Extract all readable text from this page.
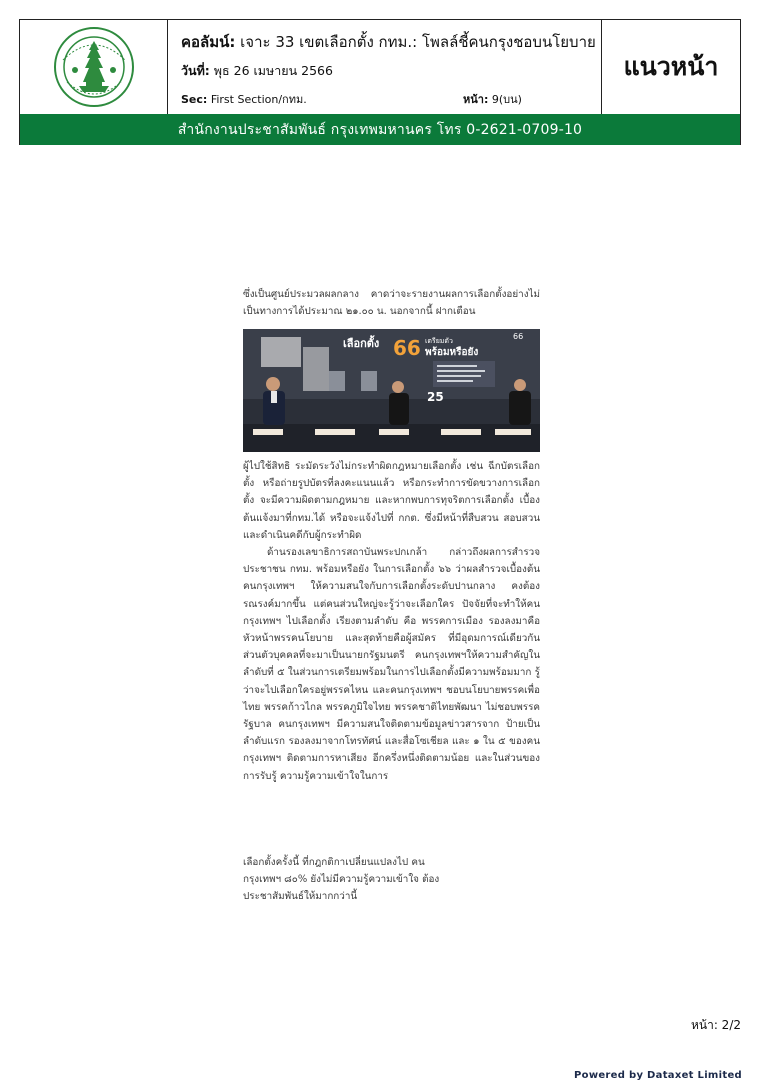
คอลัมน์: เจาะ 33 เขตเลือกตั้ง กทม.: โพลล์ชี้คนกรุงชอบนโยบาย
วันที่: พุธ 26 เมษายน 2566
Sec: First Section/กทม.	หน้า: 9(บน)
แนวหน้า
สำนักงานประชาสัมพันธ์ กรุงเทพมหานคร โทร 0-2621-0709-10

ซึ่งเป็นศูนย์ประมวลผลกลาง คาดว่าจะรายงานผลการเลือกตั้งอย่างไม่เป็นทางการได้ประมาณ ๒๑.๐๐ น. นอกจากนี้ ฝากเตือน

เลือกตั้ง 66 เตรียมตัว
พร้อมหรือยัง
66
25

ผู้ไปใช้สิทธิ ระมัดระวังไม่กระทำผิดกฎหมายเลือกตั้ง เช่น ฉีกบัตรเลือกตั้ง หรือถ่ายรูปบัตรที่ลงคะแนนแล้ว หรือกระทำการขัดขวางการเลือกตั้ง จะมีความผิดตามกฎหมาย และหากพบการทุจริตการเลือกตั้ง เบื้องต้นแจ้งมาที่กทม.ได้ หรือจะแจ้งไปที่ กกต. ซึ่งมีหน้าที่สืบสวน สอบสวน และดำเนินคดีกับผู้กระทำผิด

ด้านรองเลขาธิการสถาบันพระปกเกล้า กล่าวถึงผลการสำรวจประชาชน กทม. พร้อมหรือยัง ในการเลือกตั้ง ๖๖ ว่าผลสำรวจเบื้องต้น คนกรุงเทพฯ ให้ความสนใจกับการเลือกตั้งระดับปานกลาง คงต้องรณรงค์มากขึ้น แต่คนส่วนใหญ่จะรู้ว่าจะเลือกใคร ปัจจัยที่จะทำให้คนกรุงเทพฯ ไปเลือกตั้ง เรียงตามลำดับ คือ พรรคการเมือง รองลงมาคือหัวหน้าพรรคนโยบาย และสุดท้ายคือผู้สมัคร ที่มีอุดมการณ์เดียวกัน ส่วนตัวบุคคลที่จะมาเป็นนายกรัฐมนตรี คนกรุงเทพฯให้ความสำคัญในลำดับที่ ๕ ในส่วนการเตรียมพร้อมในการไปเลือกตั้งมีความพร้อมมาก รู้ว่าจะไปเลือกใครอยู่พรรคไหน และคนกรุงเทพฯ ชอบนโยบายพรรคเพื่อไทย พรรคก้าวไกล พรรคภูมิใจไทย พรรคชาติไทยพัฒนา ไม่ชอบพรรครัฐบาล คนกรุงเทพฯ มีความสนใจติดตามข้อมูลข่าวสารจาก ป้ายเป็นลำดับแรก รองลงมาจากโทรทัศน์ และสื่อโซเชียล และ ๑ ใน ๕ ของคนกรุงเทพฯ ติดตามการหาเสียง อีกครึ่งหนึ่งติดตามน้อย และในส่วนของการรับรู้ ความรู้ความเข้าใจในการ

เลือกตั้งครั้งนี้ ที่กฎกติกาเปลี่ยนแปลงไป คนกรุงเทพฯ ๘๐% ยังไม่มีความรู้ความเข้าใจ ต้องประชาสัมพันธ์ให้มากกว่านี้

หน้า: 2/2
Powered by Dataxet Limited
